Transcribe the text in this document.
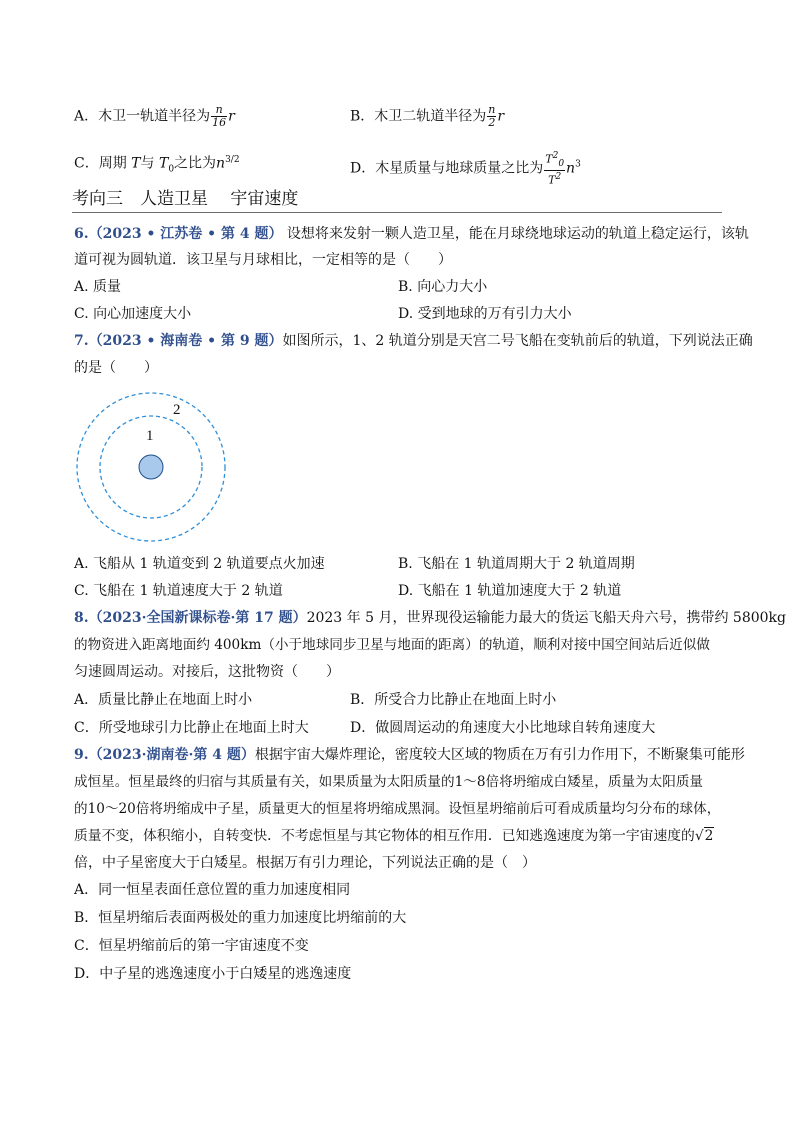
A．木卫一轨道半径为 $\frac{n}{16}$ r	B．木卫二轨道半径为 $\frac{n}{2}$ r
C．周期 T与 $T_0$之比为$n^{3/2}$
D．木星质量与地球质量之比为 $\frac{T^2_0}{T^2} n^3$
考向三　人造卫星　 宇宙速度
6.（2023 • 江苏卷 • 第 4 题） 设想将来发射一颗人造卫星，能在月球绕地球运动的轨道上稳定运行，该轨
道可视为圆轨道．该卫星与月球相比，一定相等的是（　　）
A. 质量	B. 向心力大小
C. 向心加速度大小	D. 受到地球的万有引力大小
7.（2023 • 海南卷 • 第 9 题）如图所示，1、2 轨道分别是天宫二号飞船在变轨前后的轨道，下列说法正确
的是（　　）
1
2
A. 飞船从 1 轨道变到 2 轨道要点火加速	B. 飞船在 1 轨道周期大于 2 轨道周期
C. 飞船在 1 轨道速度大于 2 轨道	D. 飞船在 1 轨道加速度大于 2 轨道
8.（2023·全国新课标卷·第 17 题）2023 年 5 月，世界现役运输能力最大的货运飞船天舟六号，携带约 5800kg
的物资进入距离地面约 400km（小于地球同步卫星与地面的距离）的轨道，顺利对接中国空间站后近似做
匀速圆周运动。对接后，这批物资（　　）
A．质量比静止在地面上时小	B．所受合力比静止在地面上时小
C．所受地球引力比静止在地面上时大	D．做圆周运动的角速度大小比地球自转角速度大
9.（2023·湖南卷·第 4 题）根据宇宙大爆炸理论，密度较大区域的物质在万有引力作用下，不断聚集可能形
成恒星。恒星最终的归宿与其质量有关，如果质量为太阳质量的1～8倍将坍缩成白矮星，质量为太阳质量
的10～20倍将坍缩成中子星，质量更大的恒星将坍缩成黑洞。设恒星坍缩前后可看成质量均匀分布的球体，
质量不变，体积缩小，自转变快．不考虑恒星与其它物体的相互作用．已知逃逸速度为第一宇宙速度的√2
倍，中子星密度大于白矮星。根据万有引力理论，下列说法正确的是（　）
A．同一恒星表面任意位置的重力加速度相同
B．恒星坍缩后表面两极处的重力加速度比坍缩前的大
C．恒星坍缩前后的第一宇宙速度不变
D．中子星的逃逸速度小于白矮星的逃逸速度
